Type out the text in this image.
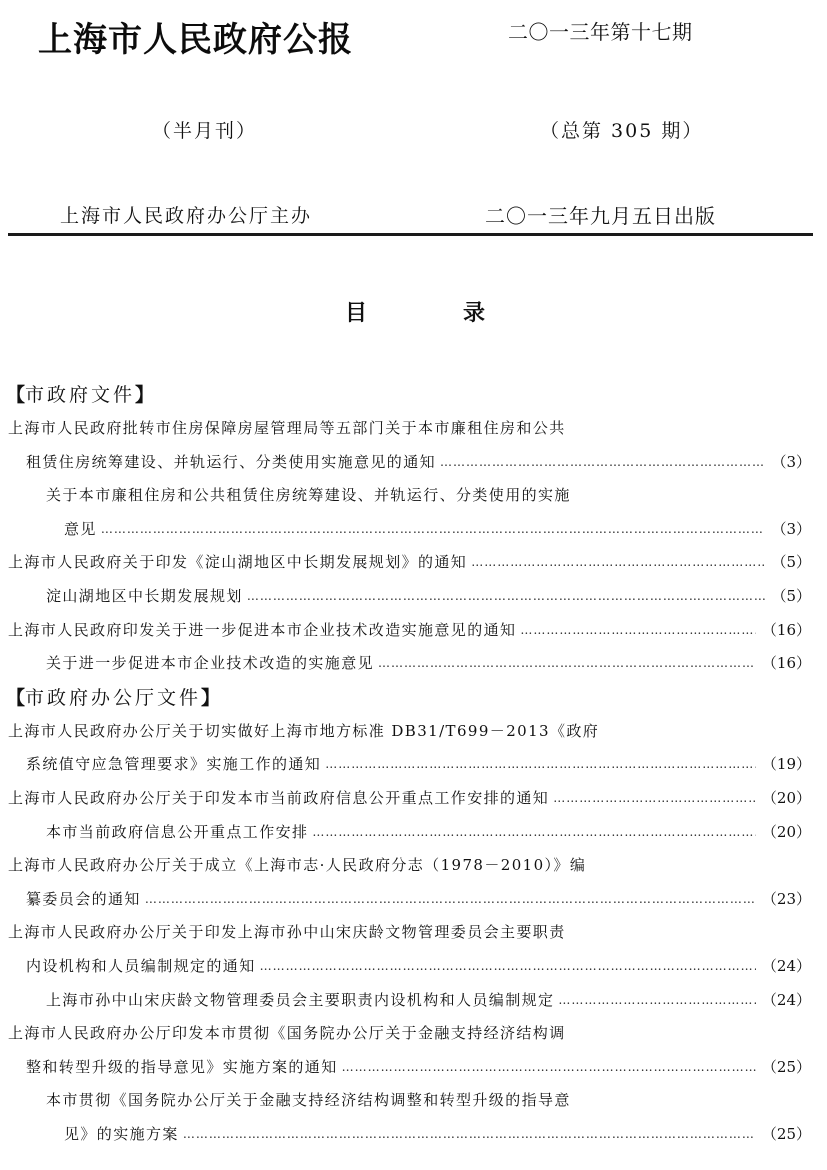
上海市人民政府公报	二〇一三年第十七期
（半月刊）	（总第 305 期）
上海市人民政府办公厅主办	二〇一三年九月五日出版
目	录
【市政府文件】
上海市人民政府批转市住房保障房屋管理局等五部门关于本市廉租住房和公共
租赁住房统筹建设、并轨运行、分类使用实施意见的通知 ……………………………………………………………………………………………………………………………………………………………………………………………………	（3）
关于本市廉租住房和公共租赁住房统筹建设、并轨运行、分类使用的实施
意见 ……………………………………………………………………………………………………………………………………………………………………………………………………	（3）
上海市人民政府关于印发《淀山湖地区中长期发展规划》的通知 ……………………………………………………………………………………………………………………………………………………………………………………………………	（5）
淀山湖地区中长期发展规划 ……………………………………………………………………………………………………………………………………………………………………………………………………	（5）
上海市人民政府印发关于进一步促进本市企业技术改造实施意见的通知 ……………………………………………………………………………………………………………………………………………………………………………………………………	（16）
关于进一步促进本市企业技术改造的实施意见 ……………………………………………………………………………………………………………………………………………………………………………………………………	（16）
【市政府办公厅文件】
上海市人民政府办公厅关于切实做好上海市地方标准 DB31/T699－2013《政府
系统值守应急管理要求》实施工作的通知 ……………………………………………………………………………………………………………………………………………………………………………………………………	（19）
上海市人民政府办公厅关于印发本市当前政府信息公开重点工作安排的通知 ……………………………………………………………………………………………………………………………………………………………………………………………………	（20）
本市当前政府信息公开重点工作安排 ……………………………………………………………………………………………………………………………………………………………………………………………………	（20）
上海市人民政府办公厅关于成立《上海市志·人民政府分志（1978－2010）》编
纂委员会的通知 ……………………………………………………………………………………………………………………………………………………………………………………………………	（23）
上海市人民政府办公厅关于印发上海市孙中山宋庆龄文物管理委员会主要职责
内设机构和人员编制规定的通知 ……………………………………………………………………………………………………………………………………………………………………………………………………	（24）
上海市孙中山宋庆龄文物管理委员会主要职责内设机构和人员编制规定 ……………………………………………………………………………………………………………………………………………………………………………………………………	（24）
上海市人民政府办公厅印发本市贯彻《国务院办公厅关于金融支持经济结构调
整和转型升级的指导意见》实施方案的通知 ……………………………………………………………………………………………………………………………………………………………………………………………………	（25）
本市贯彻《国务院办公厅关于金融支持经济结构调整和转型升级的指导意
见》的实施方案 ……………………………………………………………………………………………………………………………………………………………………………………………………	（25）
